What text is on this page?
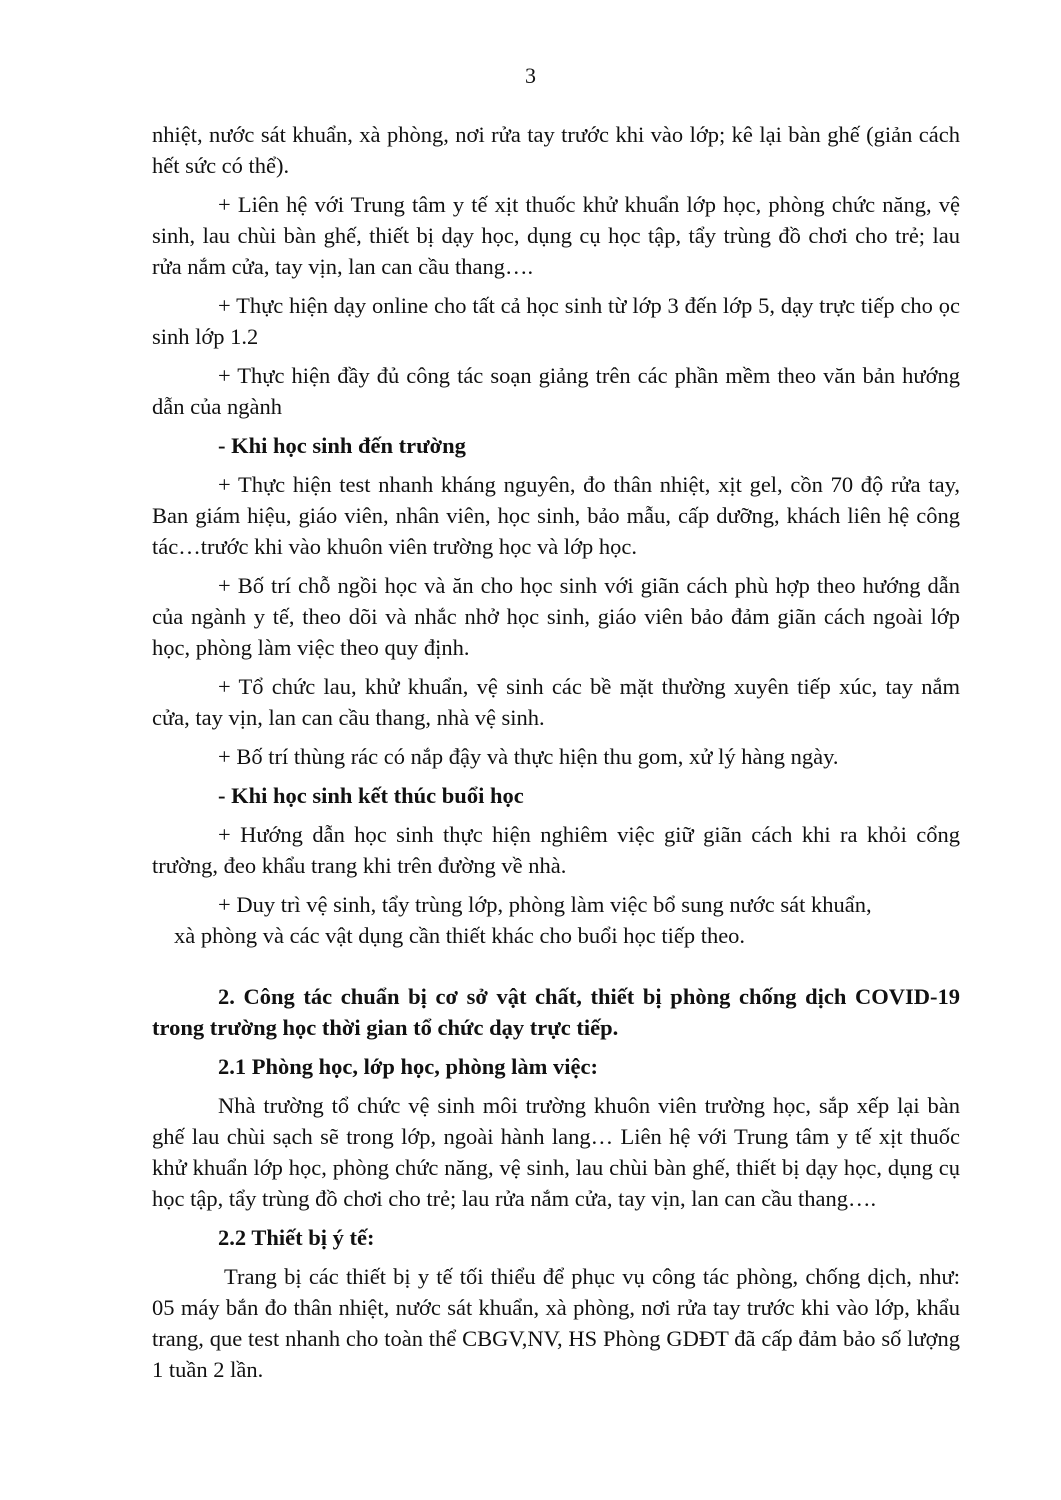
3

nhiệt, nước sát khuẩn, xà phòng, nơi rửa tay trước khi vào lớp; kê lại bàn ghế (giản cách hết sức có thể).

+ Liên hệ với Trung tâm y tế xịt thuốc khử khuẩn lớp học, phòng chức năng, vệ sinh, lau chùi bàn ghế, thiết bị dạy học, dụng cụ học tập, tẩy trùng đồ chơi cho trẻ; lau rửa nắm cửa, tay vịn, lan can cầu thang….

+ Thực hiện dạy online cho tất cả học sinh từ lớp 3 đến lớp 5, dạy trực tiếp cho ọc sinh lớp 1.2

+ Thực hiện đầy đủ công tác soạn giảng trên các phần mềm theo văn bản hướng dẫn của ngành

- Khi học sinh đến trường

+ Thực hiện test nhanh kháng nguyên, đo thân nhiệt, xịt gel, cồn 70 độ rửa tay, Ban giám hiệu, giáo viên, nhân viên, học sinh, bảo mẫu, cấp dưỡng, khách liên hệ công tác…trước khi vào khuôn viên trường học và lớp học.

+ Bố trí chỗ ngồi học và ăn cho học sinh với giãn cách phù hợp theo hướng dẫn của ngành y tế, theo dõi và nhắc nhở học sinh, giáo viên bảo đảm giãn cách ngoài lớp học, phòng làm việc theo quy định.

+ Tổ chức lau, khử khuẩn, vệ sinh các bề mặt thường xuyên tiếp xúc, tay nắm cửa, tay vịn, lan can cầu thang, nhà vệ sinh.

+ Bố trí thùng rác có nắp đậy và thực hiện thu gom, xử lý hàng ngày.

- Khi học sinh kết thúc buổi học

+ Hướng dẫn học sinh thực hiện nghiêm việc giữ giãn cách khi ra khỏi cổng trường, đeo khẩu trang khi trên đường về nhà.

+ Duy trì vệ sinh, tẩy trùng lớp, phòng làm việc bổ sung nước sát khuẩn,
xà phòng và các vật dụng cần thiết khác cho buổi học tiếp theo.

2. Công tác chuẩn bị cơ sở vật chất, thiết bị phòng chống dịch COVID-19 trong trường học thời gian tổ chức dạy trực tiếp.

2.1 Phòng học, lớp học, phòng làm việc:

Nhà trường tổ chức vệ sinh môi trường khuôn viên trường học, sắp xếp lại bàn ghế lau chùi sạch sẽ trong lớp, ngoài hành lang… Liên hệ với Trung tâm y tế xịt thuốc khử khuẩn lớp học, phòng chức năng, vệ sinh, lau chùi bàn ghế, thiết bị dạy học, dụng cụ học tập, tẩy trùng đồ chơi cho trẻ; lau rửa nắm cửa, tay vịn, lan can cầu thang….

2.2 Thiết bị ý tế:

Trang bị các thiết bị y tế tối thiểu để phục vụ công tác phòng, chống dịch, như: 05 máy bắn đo thân nhiệt, nước sát khuẩn, xà phòng, nơi rửa tay trước khi vào lớp, khẩu trang, que test nhanh cho toàn thể CBGV,NV, HS Phòng GDĐT đã cấp đảm bảo số lượng 1 tuần 2 lần.
